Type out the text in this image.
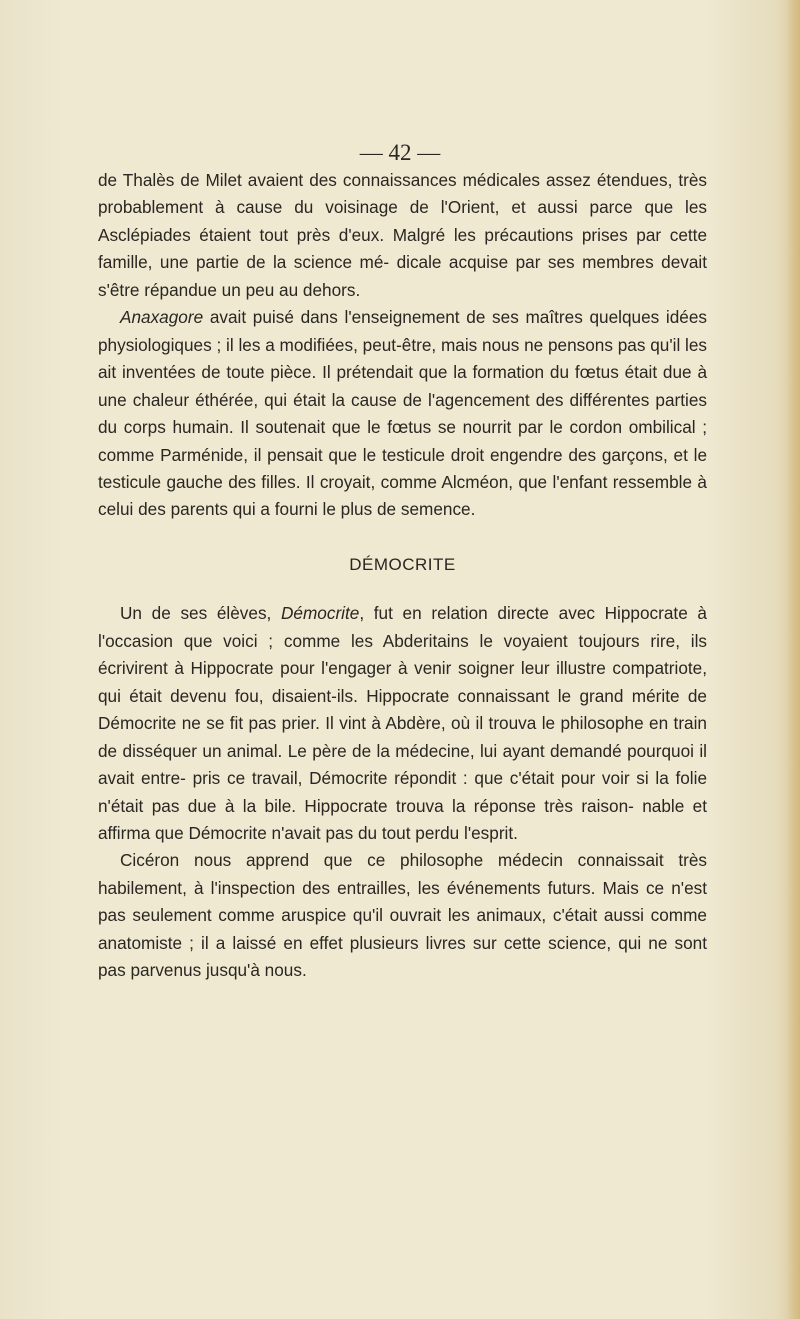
— 42 —

de Thalès de Milet avaient des connaissances médicales assez étendues, très probablement à cause du voisinage de l'Orient, et aussi parce que les Asclépiades étaient tout près d'eux. Malgré les précautions prises par cette famille, une partie de la science mé- dicale acquise par ses membres devait s'être répandue un peu au dehors.

Anaxagore avait puisé dans l'enseignement de ses maîtres quelques idées physiologiques ; il les a modifiées, peut-être, mais nous ne pensons pas qu'il les ait inventées de toute pièce. Il prétendait que la formation du fœtus était due à une chaleur éthérée, qui était la cause de l'agencement des différentes parties du corps humain. Il soutenait que le fœtus se nourrit par le cordon ombilical ; comme Parménide, il pensait que le testicule droit engendre des garçons, et le testicule gauche des filles. Il croyait, comme Alcméon, que l'enfant ressemble à celui des parents qui a fourni le plus de semence.

DÉMOCRITE

Un de ses élèves, Démocrite, fut en relation directe avec Hippocrate à l'occasion que voici ; comme les Abderitains le voyaient toujours rire, ils écrivirent à Hippocrate pour l'engager à venir soigner leur illustre compatriote, qui était devenu fou, disaient-ils. Hippocrate connaissant le grand mérite de Démocrite ne se fit pas prier. Il vint à Abdère, où il trouva le philosophe en train de disséquer un animal. Le père de la médecine, lui ayant demandé pourquoi il avait entre- pris ce travail, Démocrite répondit : que c'était pour voir si la folie n'était pas due à la bile. Hippocrate trouva la réponse très raison- nable et affirma que Démocrite n'avait pas du tout perdu l'esprit.

Cicéron nous apprend que ce philosophe médecin connaissait très habilement, à l'inspection des entrailles, les événements futurs. Mais ce n'est pas seulement comme aruspice qu'il ouvrait les animaux, c'était aussi comme anatomiste ; il a laissé en effet plusieurs livres sur cette science, qui ne sont pas parvenus jusqu'à nous.
